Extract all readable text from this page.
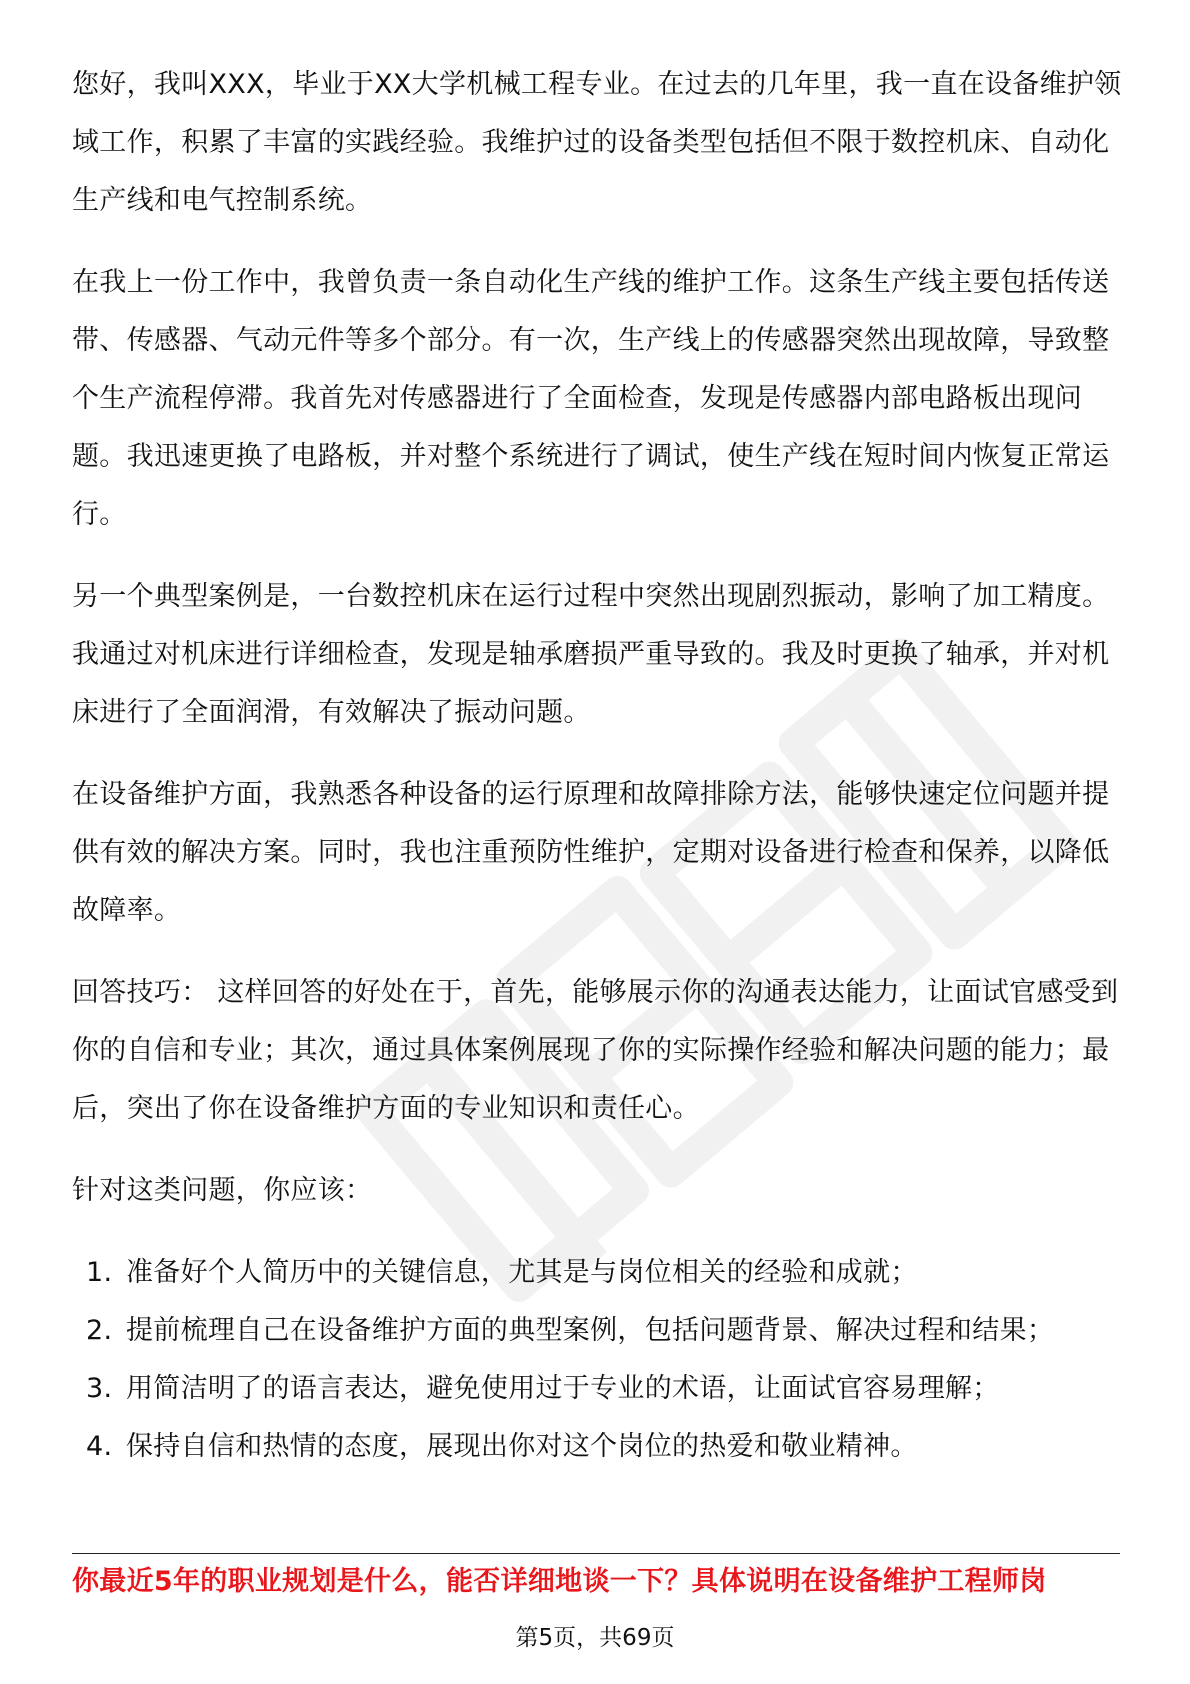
您好，我叫XXX，毕业于XX大学机械工程专业。在过去的几年里，我一直在设备维护领域工作，积累了丰富的实践经验。我维护过的设备类型包括但不限于数控机床、自动化生产线和电气控制系统。

在我上一份工作中，我曾负责一条自动化生产线的维护工作。这条生产线主要包括传送带、传感器、气动元件等多个部分。有一次，生产线上的传感器突然出现故障，导致整个生产流程停滞。我首先对传感器进行了全面检查，发现是传感器内部电路板出现问题。我迅速更换了电路板，并对整个系统进行了调试，使生产线在短时间内恢复正常运行。

另一个典型案例是，一台数控机床在运行过程中突然出现剧烈振动，影响了加工精度。我通过对机床进行详细检查，发现是轴承磨损严重导致的。我及时更换了轴承，并对机床进行了全面润滑，有效解决了振动问题。

在设备维护方面，我熟悉各种设备的运行原理和故障排除方法，能够快速定位问题并提供有效的解决方案。同时，我也注重预防性维护，定期对设备进行检查和保养，以降低故障率。

回答技巧： 这样回答的好处在于，首先，能够展示你的沟通表达能力，让面试官感受到你的自信和专业；其次，通过具体案例展现了你的实际操作经验和解决问题的能力；最后，突出了你在设备维护方面的专业知识和责任心。

针对这类问题，你应该：

1. 准备好个人简历中的关键信息，尤其是与岗位相关的经验和成就；
2. 提前梳理自己在设备维护方面的典型案例，包括问题背景、解决过程和结果；
3. 用简洁明了的语言表达，避免使用过于专业的术语，让面试官容易理解；
4. 保持自信和热情的态度，展现出你对这个岗位的热爱和敬业精神。
你最近5年的职业规划是什么，能否详细地谈一下？具体说明在设备维护工程师岗
第5页，共69页
